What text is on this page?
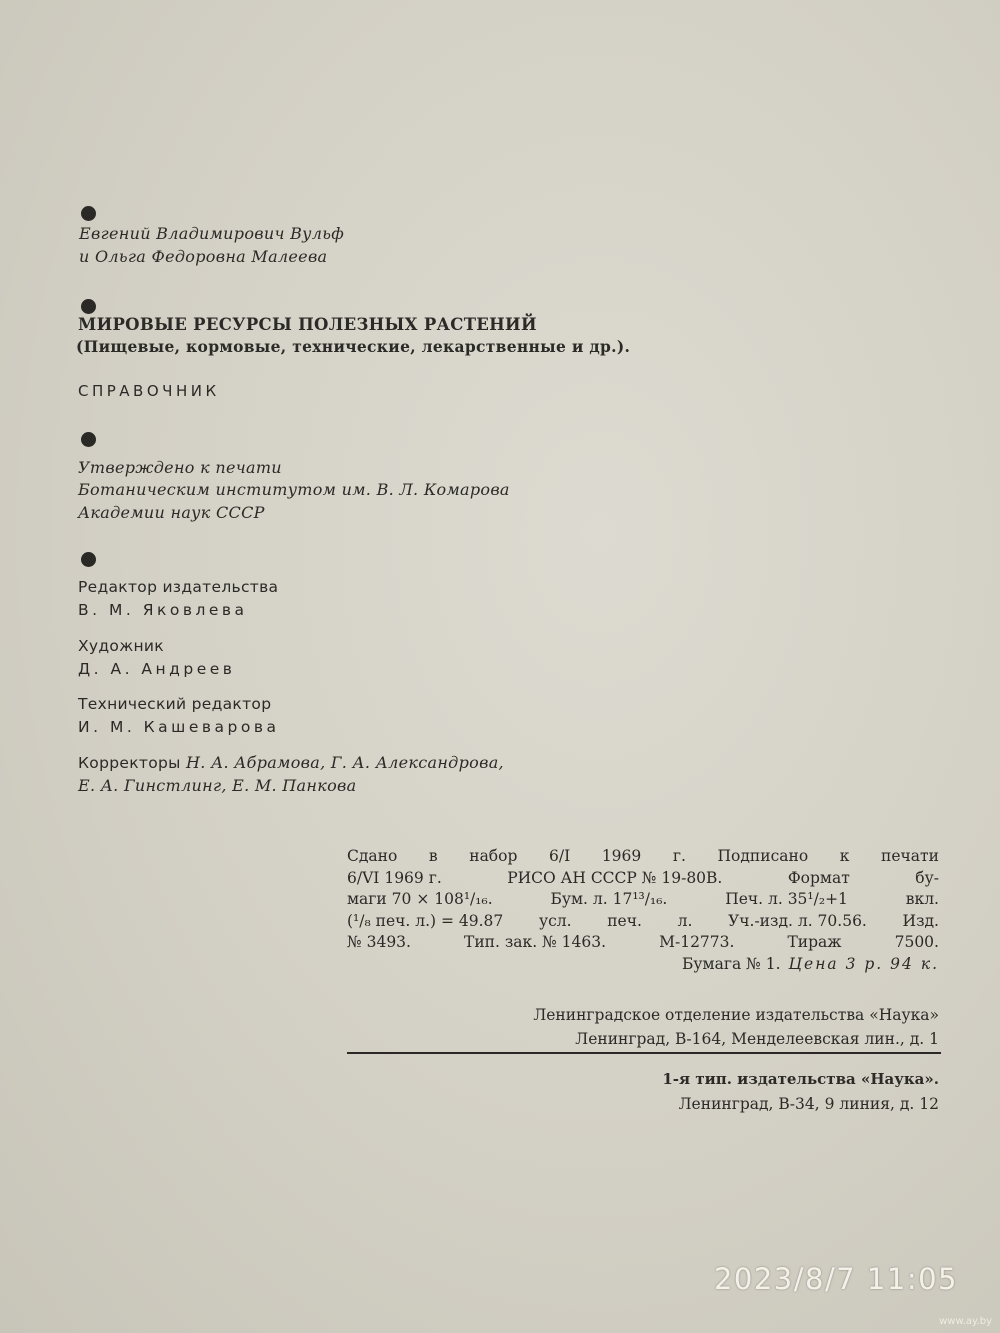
Евгений Владимирович Вульф
и Ольга Федоровна Малеева
МИРОВЫЕ РЕСУРСЫ ПОЛЕЗНЫХ РАСТЕНИЙ
(Пищевые, кормовые, технические, лекарственные и др.).
СПРАВОЧНИК
Утверждено к печати
Ботаническим институтом им. В. Л. Комарова
Академии наук СССР
Редактор издательства
В. М. Яковлева
Художник
Д. А. Андреев
Технический редактор
И. М. Кашеварова
Корректоры Н. А. Абрамова, Г. А. Александрова,
Е. А. Гинстлинг, Е. М. Панкова
Сдано в набор 6/I 1969 г. Подписано к печати
6/VI 1969 г.	РИСО АН СССР № 19-80В.	Формат	бу-
маги 70 × 108¹/₁₆.	Бум. л. 17¹³/₁₆.	Печ. л. 35¹/₂+1	вкл.
(¹/₈ печ. л.) = 49.87 усл. печ. л. Уч.-изд. л. 70.56. Изд.
№ 3493.	Тип. зак. № 1463.	М-12773.	Тираж	7500.
Бумага № 1. Цена 3 р. 94 к.
Ленинградское отделение издательства «Наука»
Ленинград, В-164, Менделеевская лин., д. 1
1-я тип. издательства «Наука».
Ленинград, В-34, 9 линия, д. 12
2023/8/7 11:05
www.ay.by
